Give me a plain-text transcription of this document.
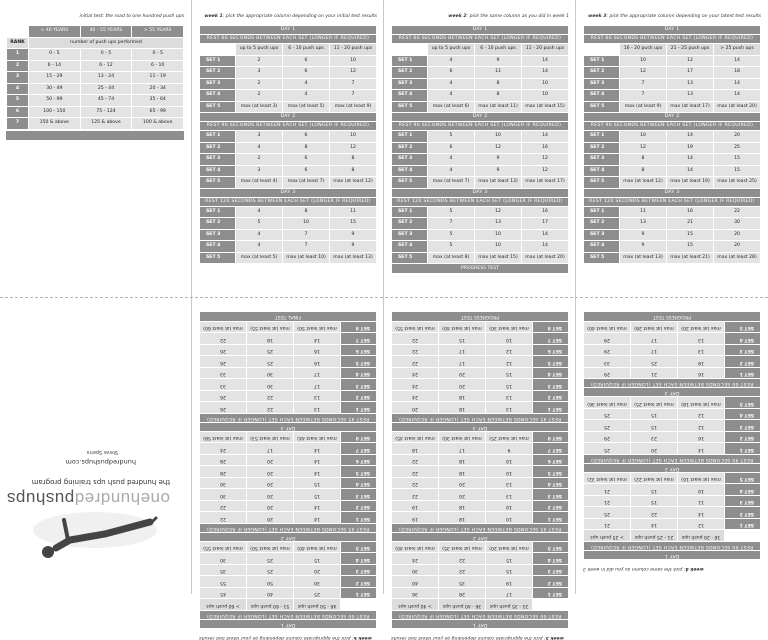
initial test: the road to one hundred push ups
	< 40 YEARS	40 - 55 YEARS	> 55 YEARS
RANK	number of push ups performed		
1	0 - 5	0 - 5	0 - 5
2	6 - 14	6 - 12	6 - 10
3	15 - 29	13 - 24	11 - 19
4	30 - 49	25 - 44	20 - 34
5	50 - 99	45 - 74	35 - 64
6	100 - 150	75 - 124	65 - 99
7	150 & above	125 & above	100 & above
week 1: pick the appropriate column depending on your initial test results
DAY 1			
REST 60 SECONDS BETWEEN EACH SET (LONGER IF REQUIRED)			
	up to 5 push ups	6 - 10 push ups	11 - 20 push ups
SET 1	2	6	10
SET 2	3	6	12
SET 3	2	4	7
SET 4	2	4	7
SET 5	max (at least 3)	max (at least 5)	max (at least 9)
DAY 2			
REST 90 SECONDS BETWEEN EACH SET (LONGER IF REQUIRED)			
SET 1	3	6	10
SET 2	4	8	12
SET 3	2	6	8
SET 4	3	6	8
SET 5	max (at least 4)	max (at least 7)	max (at least 12)
DAY 3			
REST 120 SECONDS BETWEEN EACH SET (LONGER IF REQUIRED)			
SET 1	4	8	11
SET 2	5	10	15
SET 3	4	7	9
SET 4	4	7	9
SET 5	max (at least 5)	max (at least 10)	max (at least 13)
week 2: pick the same column as you did in week 1
DAY 1			
REST 60 SECONDS BETWEEN EACH SET (LONGER IF REQUIRED)			
	up to 5 push ups	6 - 10 push ups	11 - 20 push ups
SET 1	4	9	14
SET 2	6	11	14
SET 3	4	8	10
SET 4	4	8	10
SET 5	max (at least 6)	max (at least 11)	max (at least 15)
DAY 2			
REST 90 SECONDS BETWEEN EACH SET (LONGER IF REQUIRED)			
SET 1	5	10	14
SET 2	6	12	16
SET 3	4	9	12
SET 4	4	9	12
SET 5	max (at least 7)	max (at least 13)	max (at least 17)
DAY 3			
REST 120 SECONDS BETWEEN EACH SET (LONGER IF REQUIRED)			
SET 1	5	12	16
SET 2	7	13	17
SET 3	5	10	14
SET 4	5	10	14
SET 5	max (at least 8)	max (at least 15)	max (at least 20)
PROGRESS TEST			
week 3: pick the appropriate column depending on your latest test results
DAY 1			
REST 60 SECONDS BETWEEN EACH SET (LONGER IF REQUIRED)			
	16 - 20 push ups	21 - 25 push ups	> 25 push ups
SET 1	10	12	14
SET 2	12	17	18
SET 3	7	13	14
SET 4	7	13	14
SET 5	max (at least 9)	max (at least 17)	max (at least 20)
DAY 2			
REST 90 SECONDS BETWEEN EACH SET (LONGER IF REQUIRED)			
SET 1	10	14	20
SET 2	12	19	25
SET 3	8	14	15
SET 4	8	14	15
SET 5	max (at least 12)	max (at least 19)	max (at least 25)
DAY 3			
REST 120 SECONDS BETWEEN EACH SET (LONGER IF REQUIRED)			
SET 1	11	16	22
SET 2	13	21	30
SET 3	9	15	20
SET 4	9	15	20
SET 5	max (at least 13)	max (at least 21)	max (at least 28)
week 4: pick the same column as you did in week 3
DAY 1			
REST 60 SECONDS BETWEEN EACH SET (LONGER IF REQUIRED)			
	16 - 20 push ups	21 - 25 push ups	> 25 push ups
SET 1	12	14	21
SET 2	14	22	25
SET 3	11	15	21
SET 4	10	15	21
SET 5	max (at least 16)	max (at least 22)	max (at least 32)
DAY 2			
REST 90 SECONDS BETWEEN EACH SET (LONGER IF REQUIRED)			
SET 1	14	20	25
SET 2	16	23	29
SET 3	12	15	25
SET 4	12	15	25
SET 5	max (at least 18)	max (at least 25)	max (at least 36)
DAY 3			
REST 60 SECONDS BETWEEN EACH SET (LONGER IF REQUIRED)			
SET 1	16	21	29
SET 2	18	25	33
SET 3	13	17	29
SET 4	13	17	29
SET 5	max (at least 20)	max (at least 28)	max (at least 40)
PROGRESS TEST			
week 5: pick the appropriate column depending on your latest test results
DAY 1			
REST 60 SECONDS BETWEEN EACH SET (LONGER IF REQUIRED)			
	31 - 35 push ups	36 - 40 push ups	> 40 push ups
SET 1	17	28	36
SET 2	19	35	40
SET 3	15	22	30
SET 4	15	22	24
SET 5	max (at least 20)	max (at least 35)	max (at least 40)
DAY 2			
REST 45 SECONDS BETWEEN EACH SET (LONGER IF REQUIRED)			
SET 1	10	18	19
SET 2	10	18	19
SET 3	13	20	22
SET 4	13	20	22
SET 5	10	18	22
SET 6	10	18	22
SET 7	9	17	18
SET 8	max (at least 25)	max (at least 30)	max (at least 45)
DAY 3			
REST 45 SECONDS BETWEEN EACH SET (LONGER IF REQUIRED)			
SET 1	13	18	20
SET 2	13	18	24
SET 3	15	20	24
SET 4	15	20	24
SET 5	12	17	22
SET 6	12	17	22
SET 7	10	15	22
SET 8	max (at least 30)	max (at least 40)	max (at least 55)
PROGRESS TEST			
week 6: pick the appropriate column depending on your latest test results
DAY 1			
REST 60 SECONDS BETWEEN EACH SET (LONGER IF REQUIRED)			
	46 - 50 push ups	51 - 60 push ups	> 60 push ups
SET 1	25	40	45
SET 2	30	50	55
SET 3	20	25	35
SET 4	15	25	30
SET 5	max (at least 40)	max (at least 50)	max (at least 55)
DAY 2			
REST 45 SECONDS BETWEEN EACH SET (LONGER IF REQUIRED)			
SET 1	14	20	22
SET 2	14	20	22
SET 3	15	20	30
SET 4	15	20	30
SET 5	14	20	28
SET 6	14	20	28
SET 7	14	17	24
SET 8	max (at least 44)	max (at least 53)	max (at least 58)
DAY 3			
REST 45 SECONDS BETWEEN EACH SET (LONGER IF REQUIRED)			
SET 1	13	22	26
SET 2	13	22	26
SET 3	17	30	33
SET 4	17	30	33
SET 5	16	25	26
SET 6	16	25	26
SET 7	14	18	22
SET 8	max (at least 50)	max (at least 55)	max (at least 60)
FINAL TEST			
onehundredpushups
the hundred push ups training program
hundredpushups.com
Steve Speirs
